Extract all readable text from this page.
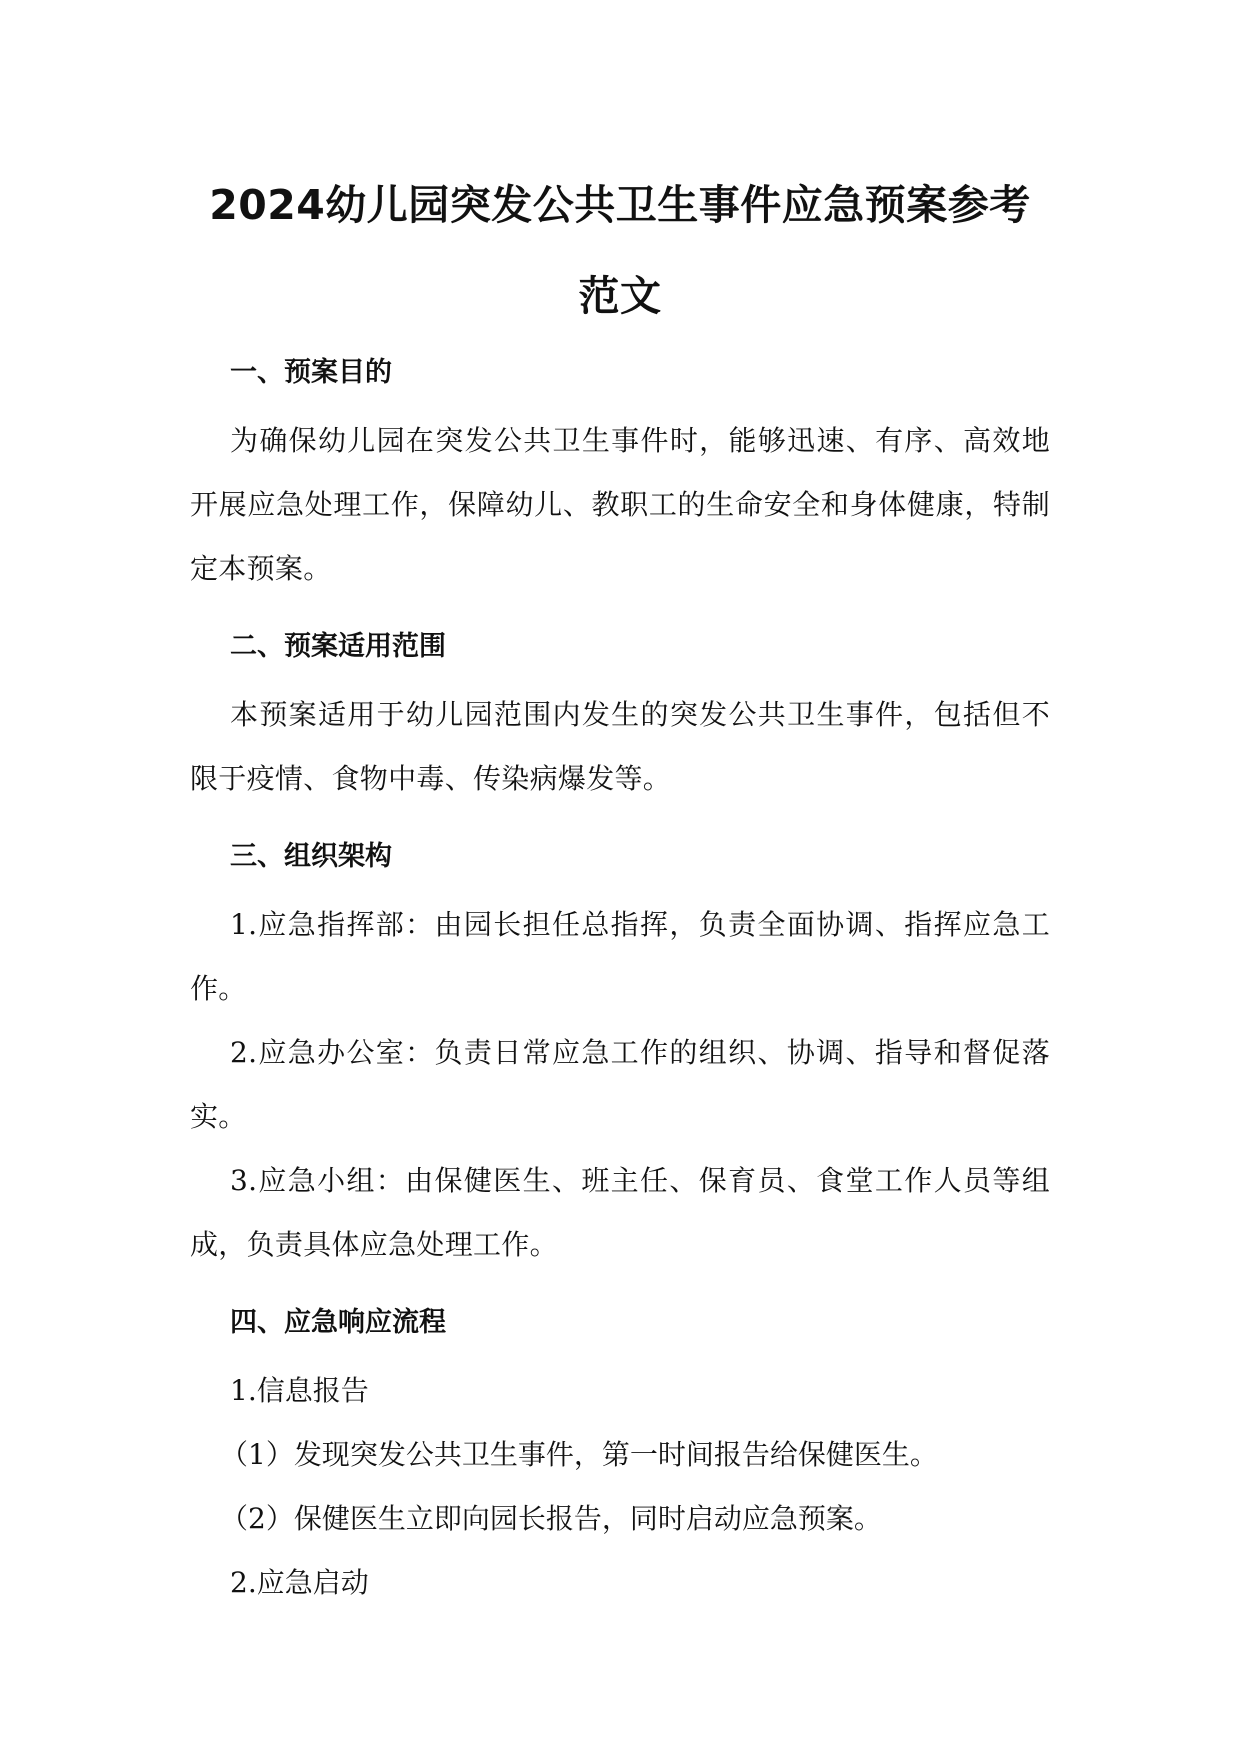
2024幼儿园突发公共卫生事件应急预案参考
范文
一、预案目的

为确保幼儿园在突发公共卫生事件时，能够迅速、有序、高效地开展应急处理工作，保障幼儿、教职工的生命安全和身体健康，特制定本预案。

二、预案适用范围

本预案适用于幼儿园范围内发生的突发公共卫生事件，包括但不限于疫情、食物中毒、传染病爆发等。

三、组织架构

1.应急指挥部：由园长担任总指挥，负责全面协调、指挥应急工作。

2.应急办公室：负责日常应急工作的组织、协调、指导和督促落实。

3.应急小组：由保健医生、班主任、保育员、食堂工作人员等组成，负责具体应急处理工作。

四、应急响应流程

1.信息报告

（1）发现突发公共卫生事件，第一时间报告给保健医生。

（2）保健医生立即向园长报告，同时启动应急预案。

2.应急启动
